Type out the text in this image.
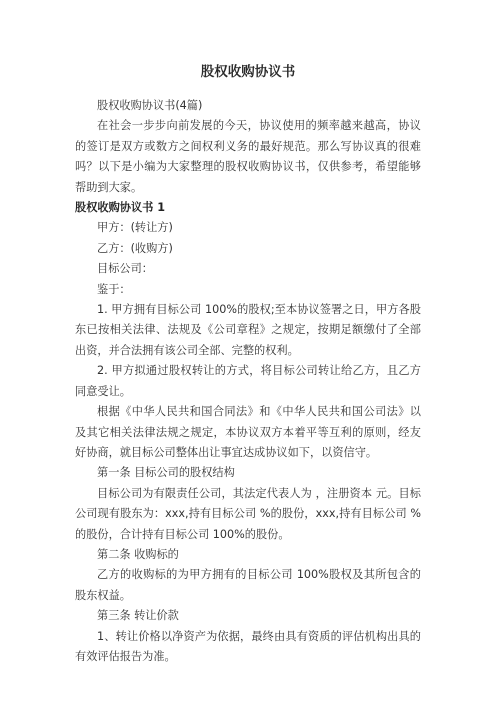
股权收购协议书

股权收购协议书(4篇)

在社会一步步向前发展的今天，协议使用的频率越来越高，协议的签订是双方或数方之间权利义务的最好规范。那么写协议真的很难吗？以下是小编为大家整理的股权收购协议书，仅供参考，希望能够帮助到大家。

股权收购协议书 1

甲方：(转让方)

乙方：(收购方)

目标公司：

鉴于：

1. 甲方拥有目标公司 100%的股权;至本协议签署之日，甲方各股东已按相关法律、法规及《公司章程》之规定，按期足额缴付了全部出资，并合法拥有该公司全部、完整的权利。

2. 甲方拟通过股权转让的方式，将目标公司转让给乙方，且乙方同意受让。

根据《中华人民共和国合同法》和《中华人民共和国公司法》以及其它相关法律法规之规定，本协议双方本着平等互利的原则，经友好协商，就目标公司整体出让事宜达成协议如下，以资信守。

第一条 目标公司的股权结构

目标公司为有限责任公司，其法定代表人为 ，注册资本 元。目标公司现有股东为：xxx,持有目标公司 %的股份，xxx,持有目标公司 %的股份，合计持有目标公司 100%的股份。

第二条 收购标的

乙方的收购标的为甲方拥有的目标公司 100%股权及其所包含的股东权益。

第三条 转让价款

1、转让价格以净资产为依据，最终由具有资质的评估机构出具的有效评估报告为准。
